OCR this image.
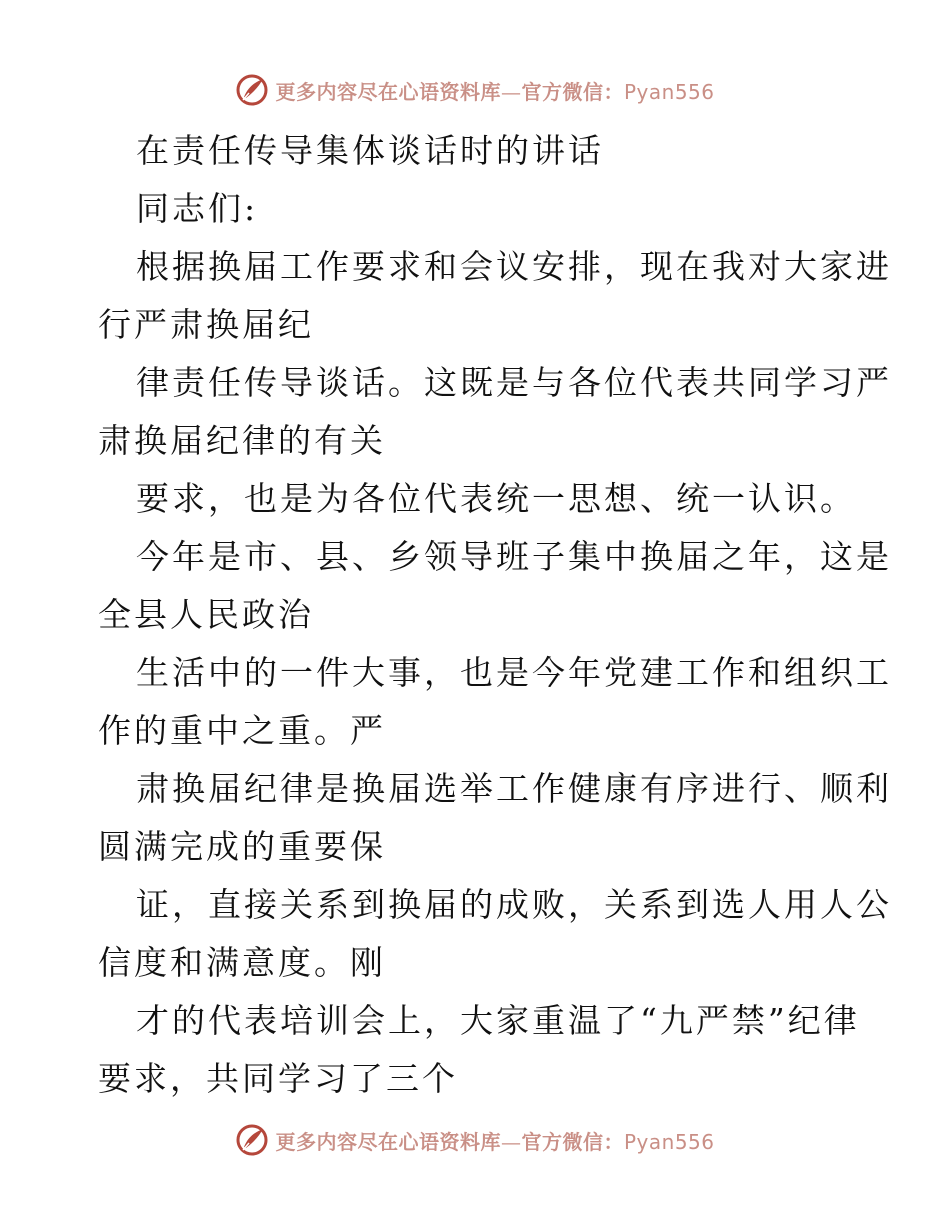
更多内容尽在心语资料库—官方微信：Pyan556
在责任传导集体谈话时的讲话
同志们:
根据换届工作要求和会议安排，现在我对大家进
行严肃换届纪
律责任传导谈话。这既是与各位代表共同学习严
肃换届纪律的有关
要求，也是为各位代表统一思想、统一认识。
今年是市、县、乡领导班子集中换届之年，这是
全县人民政治
生活中的一件大事，也是今年党建工作和组织工
作的重中之重。严
肃换届纪律是换届选举工作健康有序进行、顺利
圆满完成的重要保
证，直接关系到换届的成败，关系到选人用人公
信度和满意度。刚
才的代表培训会上，大家重温了“九严禁”纪律
要求，共同学习了三个
更多内容尽在心语资料库—官方微信：Pyan556
